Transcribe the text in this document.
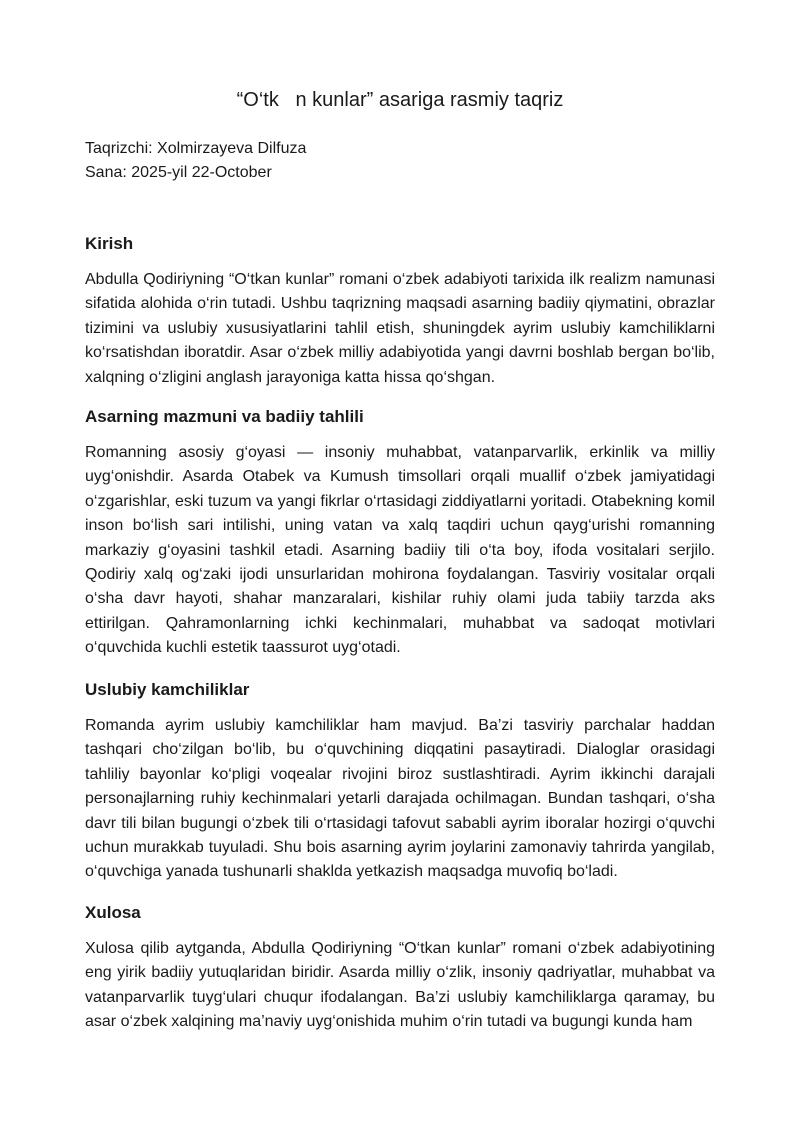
“O‘tk   n kunlar” asariga rasmiy taqriz
Taqrizchi: Xolmirzayeva Dilfuza
Sana: 2025-yil 22-October
Kirish
Abdulla Qodiriyning “O‘tkan kunlar” romani o‘zbek adabiyoti tarixida ilk realizm namunasi sifatida alohida o‘rin tutadi. Ushbu taqrizning maqsadi asarning badiiy qiymatini, obrazlar tizimini va uslubiy xususiyatlarini tahlil etish, shuningdek ayrim uslubiy kamchiliklarni ko‘rsatishdan iboratdir. Asar o‘zbek milliy adabiyotida yangi davrni boshlab bergan bo‘lib, xalqning o‘zligini anglash jarayoniga katta hissa qo‘shgan.
Asarning mazmuni va badiiy tahlili
Romanning asosiy g‘oyasi — insoniy muhabbat, vatanparvarlik, erkinlik va milliy uyg‘onishdir. Asarda Otabek va Kumush timsollari orqali muallif o‘zbek jamiyatidagi o‘zgarishlar, eski tuzum va yangi fikrlar o‘rtasidagi ziddiyatlarni yoritadi. Otabekning komil inson bo‘lish sari intilishi, uning vatan va xalq taqdiri uchun qayg‘urishi romanning markaziy g‘oyasini tashkil etadi. Asarning badiiy tili o‘ta boy, ifoda vositalari serjilo. Qodiriy xalq og‘zaki ijodi unsurlaridan mohirona foydalangan. Tasviriy vositalar orqali o‘sha davr hayoti, shahar manzaralari, kishilar ruhiy olami juda tabiiy tarzda aks ettirilgan. Qahramonlarning ichki kechinmalari, muhabbat va sadoqat motivlari o‘quvchida kuchli estetik taassurot uyg‘otadi.
Uslubiy kamchiliklar
Romanda ayrim uslubiy kamchiliklar ham mavjud. Ba’zi tasviriy parchalar haddan tashqari cho‘zilgan bo‘lib, bu o‘quvchining diqqatini pasaytiradi. Dialoglar orasidagi tahliliy bayonlar ko‘pligi voqealar rivojini biroz sustlashtiradi. Ayrim ikkinchi darajali personajlarning ruhiy kechinmalari yetarli darajada ochilmagan. Bundan tashqari, o‘sha davr tili bilan bugungi o‘zbek tili o‘rtasidagi tafovut sababli ayrim iboralar hozirgi o‘quvchi uchun murakkab tuyuladi. Shu bois asarning ayrim joylarini zamonaviy tahrirda yangilab, o‘quvchiga yanada tushunarli shaklda yetkazish maqsadga muvofiq bo‘ladi.
Xulosa
Xulosa qilib aytganda, Abdulla Qodiriyning “O‘tkan kunlar” romani o‘zbek adabiyotining eng yirik badiiy yutuqlaridan biridir. Asarda milliy o‘zlik, insoniy qadriyatlar, muhabbat va vatanparvarlik tuyg‘ulari chuqur ifodalangan. Ba’zi uslubiy kamchiliklarga qaramay, bu asar o‘zbek xalqining ma’naviy uyg‘onishida muhim o‘rin tutadi va bugungi kunda ham
